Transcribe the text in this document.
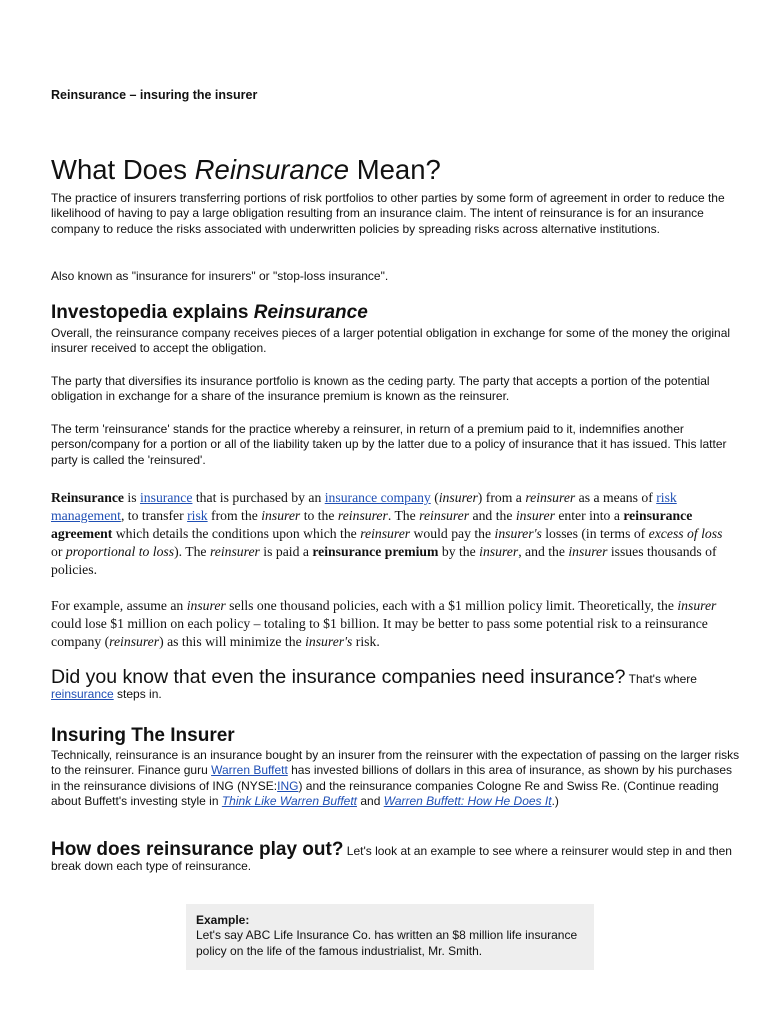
Reinsurance – insuring the insurer
What Does Reinsurance Mean?

The practice of insurers transferring portions of risk portfolios to other parties by some form of agreement in order to reduce the likelihood of having to pay a large obligation resulting from an insurance claim. The intent of reinsurance is for an insurance company to reduce the risks associated with underwritten policies by spreading risks across alternative institutions.

Also known as "insurance for insurers" or "stop-loss insurance".

Investopedia explains Reinsurance

Overall, the reinsurance company receives pieces of a larger potential obligation in exchange for some of the money the original insurer received to accept the obligation.

The party that diversifies its insurance portfolio is known as the ceding party. The party that accepts a portion of the potential obligation in exchange for a share of the insurance premium is known as the reinsurer.

The term 'reinsurance' stands for the practice whereby a reinsurer, in return of a premium paid to it, indemnifies another person/company for a portion or all of the liability taken up by the latter due to a policy of insurance that it has issued. This latter party is called the 'reinsured'.

Reinsurance is insurance that is purchased by an insurance company (insurer) from a reinsurer as a means of risk management, to transfer risk from the insurer to the reinsurer. The reinsurer and the insurer enter into a reinsurance agreement which details the conditions upon which the reinsurer would pay the insurer's losses (in terms of excess of loss or proportional to loss). The reinsurer is paid a reinsurance premium by the insurer, and the insurer issues thousands of policies.

For example, assume an insurer sells one thousand policies, each with a $1 million policy limit. Theoretically, the insurer could lose $1 million on each policy – totaling to $1 billion. It may be better to pass some potential risk to a reinsurance company (reinsurer) as this will minimize the insurer's risk.

Did you know that even the insurance companies need insurance? That's where reinsurance steps in.

Insuring The Insurer

Technically, reinsurance is an insurance bought by an insurer from the reinsurer with the expectation of passing on the larger risks to the reinsurer. Finance guru Warren Buffett has invested billions of dollars in this area of insurance, as shown by his purchases in the reinsurance divisions of ING (NYSE:ING) and the reinsurance companies Cologne Re and Swiss Re. (Continue reading about Buffett's investing style in Think Like Warren Buffett and Warren Buffett: How He Does It.)

How does reinsurance play out? Let's look at an example to see where a reinsurer would step in and then break down each type of reinsurance.

Example:
Let's say ABC Life Insurance Co. has written an $8 million life insurance policy on the life of the famous industrialist, Mr. Smith.
